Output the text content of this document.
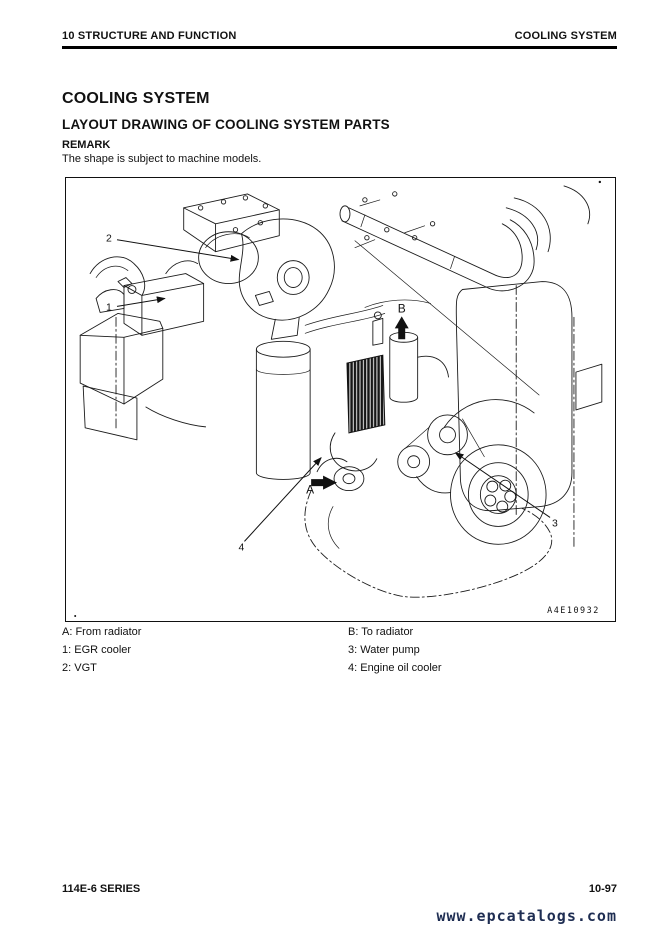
10 STRUCTURE AND FUNCTION	COOLING SYSTEM
COOLING SYSTEM
LAYOUT DRAWING OF COOLING SYSTEM PARTS
REMARK
The shape is subject to machine models.
2
1
4
3
A
B
A4E10932
A: From radiator
1: EGR cooler
2: VGT
B: To radiator
3: Water pump
4: Engine oil cooler
114E-6 SERIES	10-97
www.epcatalogs.com
